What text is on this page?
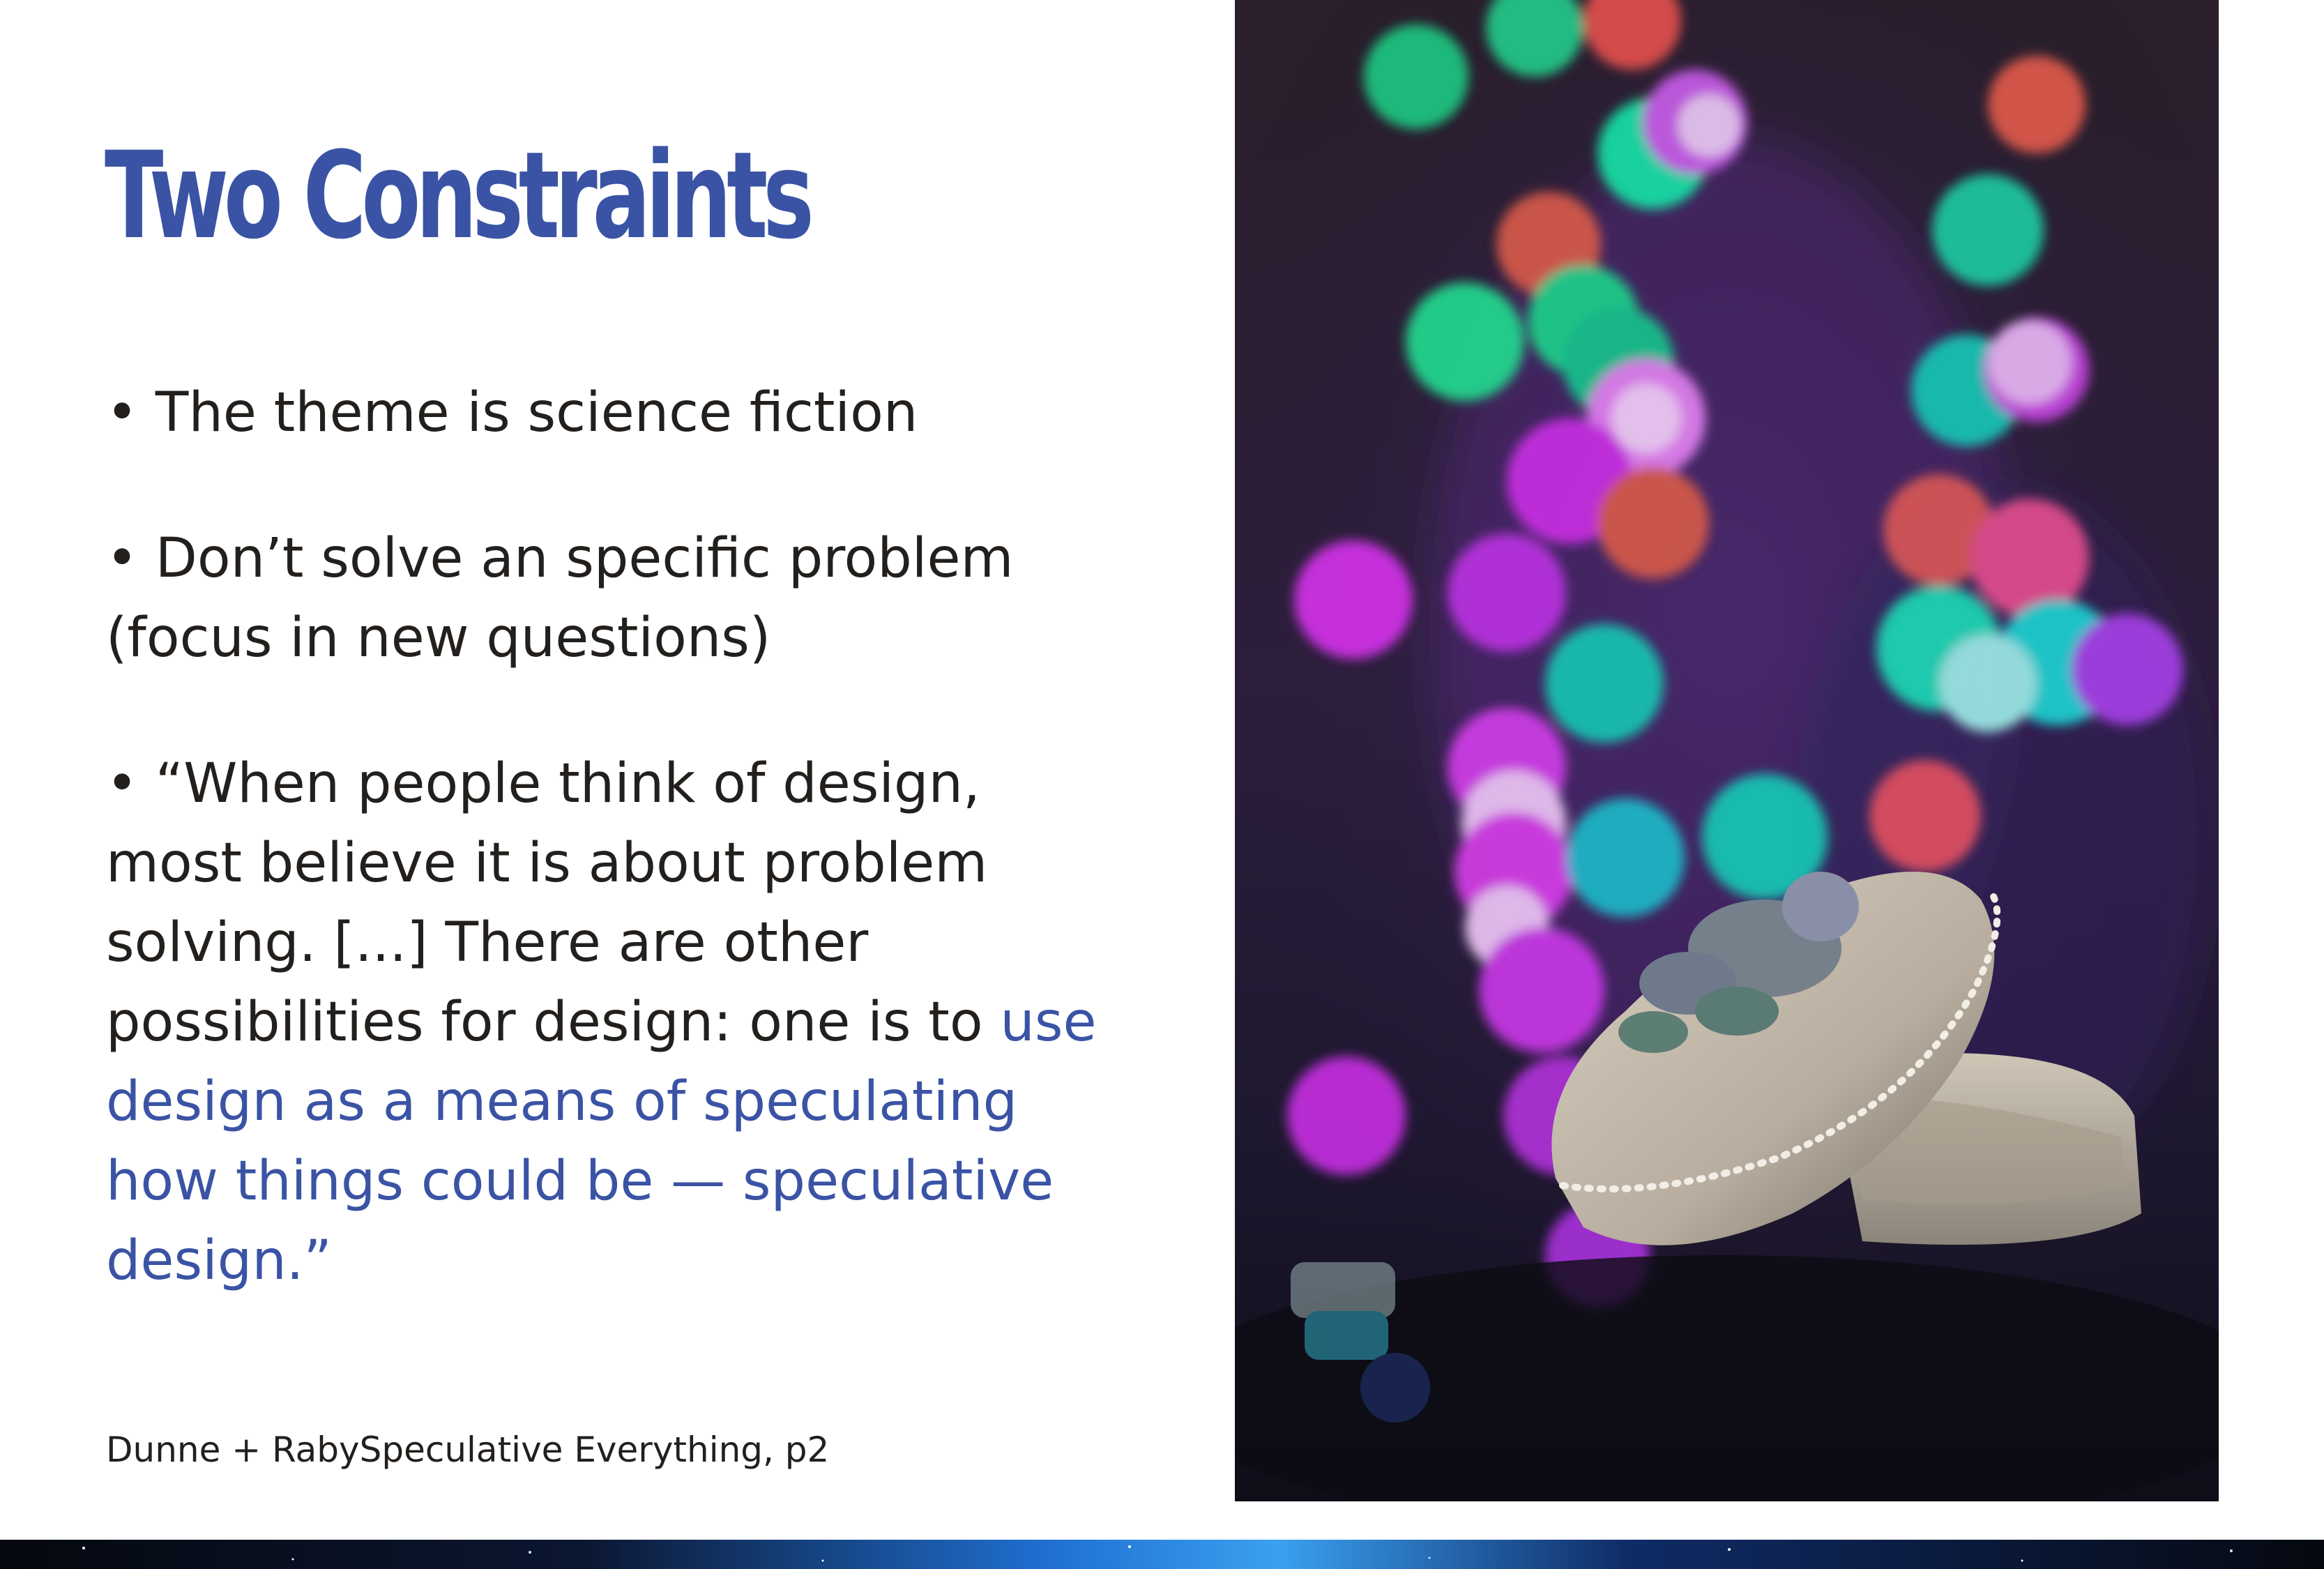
Two Constraints

• The theme is science fiction

• Don’t solve an specific problem
(focus in new questions)

• “When people think of design, most believe it is about problem solving. [...] There are other possibilities for design: one is to use design as a means of speculating how things could be — speculative design.”

Dunne + RabySpeculative Everything, p2
